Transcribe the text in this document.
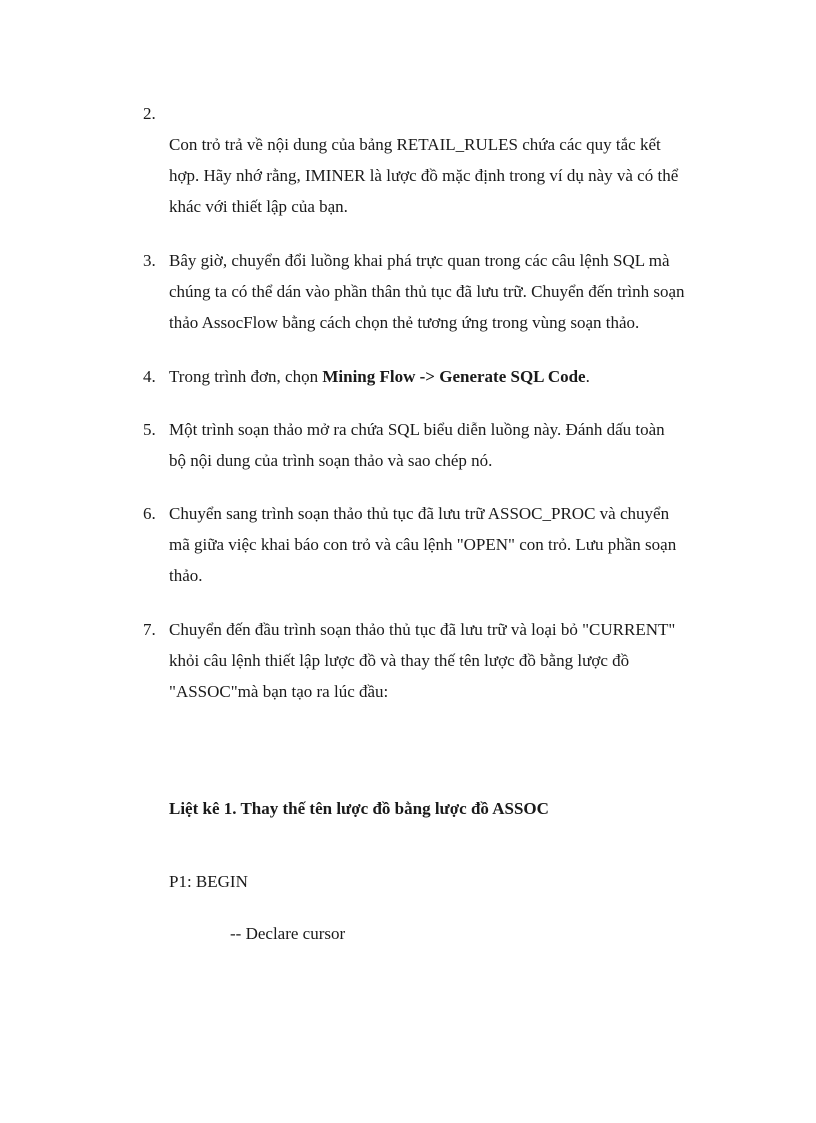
2.
Con trỏ trả về nội dung của bảng RETAIL_RULES chứa các quy tắc kết
hợp. Hãy nhớ rằng, IMINER là lược đồ mặc định trong ví dụ này và có thể
khác với thiết lập của bạn.
3. Bây giờ, chuyển đổi luồng khai phá trực quan trong các câu lệnh SQL mà
chúng ta có thể dán vào phần thân thủ tục đã lưu trữ. Chuyển đến trình soạn
thảo AssocFlow bằng cách chọn thẻ tương ứng trong vùng soạn thảo.
4. Trong trình đơn, chọn Mining Flow -> Generate SQL Code.
5. Một trình soạn thảo mở ra chứa SQL biểu diễn luồng này. Đánh dấu toàn
bộ nội dung của trình soạn thảo và sao chép nó.
6. Chuyển sang trình soạn thảo thủ tục đã lưu trữ ASSOC_PROC và chuyển
mã giữa việc khai báo con trỏ và câu lệnh "OPEN" con trỏ. Lưu phần soạn
thảo.
7. Chuyển đến đầu trình soạn thảo thủ tục đã lưu trữ và loại bỏ "CURRENT"
khỏi câu lệnh thiết lập lược đồ và thay thế tên lược đồ bằng lược đồ
"ASSOC"mà bạn tạo ra lúc đầu:
Liệt kê 1. Thay thế tên lược đồ bằng lược đồ ASSOC
P1: BEGIN
-- Declare cursor
